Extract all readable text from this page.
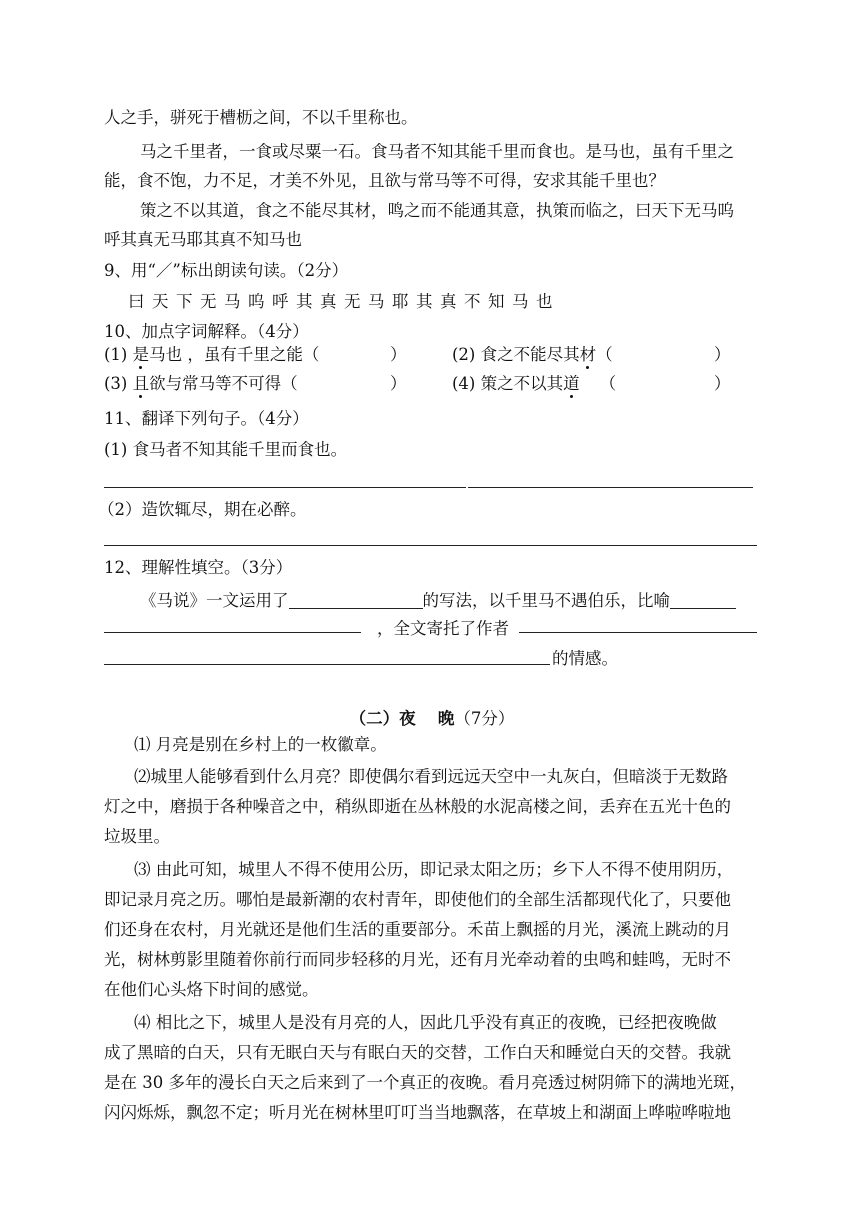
人之手，骈死于槽枥之间，不以千里称也。
马之千里者，一食或尽粟一石。食马者不知其能千里而食也。是马也，虽有千里之
能，食不饱，力不足，才美不外见，且欲与常马等不可得，安求其能千里也？
策之不以其道，食之不能尽其材，鸣之而不能通其意，执策而临之，曰天下无马呜
呼其真无马耶其真不知马也
9、用“／”标出朗读句读。（2分）
曰天下无马呜呼其真无马耶其真不知马也
10、加点字词解释。（4分）
(1) 是马也 ，虽有千里之能（	）	(2) 食之不能尽其材（	）
(3) 且欲与常马等不可得（	）	(4) 策之不以其道 （	）
11、翻译下列句子。（4分）
(1) 食马者不知其能千里而食也。
（2）造饮辄尽，期在必醉。
12、理解性填空。（3分）
《马说》一文运用了	的写法，以千里马不遇伯乐，比喻
，全文寄托了作者
的情感。
（二）夜　 晚（7分）
⑴ 月亮是别在乡村上的一枚徽章。
⑵城里人能够看到什么月亮？即使偶尔看到远远天空中一丸灰白，但暗淡于无数路
灯之中，磨损于各种噪音之中，稍纵即逝在丛林般的水泥高楼之间，丢弃在五光十色的
垃圾里。
⑶ 由此可知，城里人不得不使用公历，即记录太阳之历；乡下人不得不使用阴历，
即记录月亮之历。哪怕是最新潮的农村青年，即使他们的全部生活都现代化了，只要他
们还身在农村，月光就还是他们生活的重要部分。禾苗上飘摇的月光，溪流上跳动的月
光，树林剪影里随着你前行而同步轻移的月光，还有月光牵动着的虫鸣和蛙鸣，无时不
在他们心头烙下时间的感觉。
⑷ 相比之下，城里人是没有月亮的人，因此几乎没有真正的夜晚，已经把夜晚做
成了黑暗的白天，只有无眠白天与有眠白天的交替，工作白天和睡觉白天的交替。我就
是在 30 多年的漫长白天之后来到了一个真正的夜晚。看月亮透过树阴筛下的满地光斑，
闪闪烁烁，飘忽不定；听月光在树林里叮叮当当地飘落，在草坡上和湖面上哗啦哗啦地
